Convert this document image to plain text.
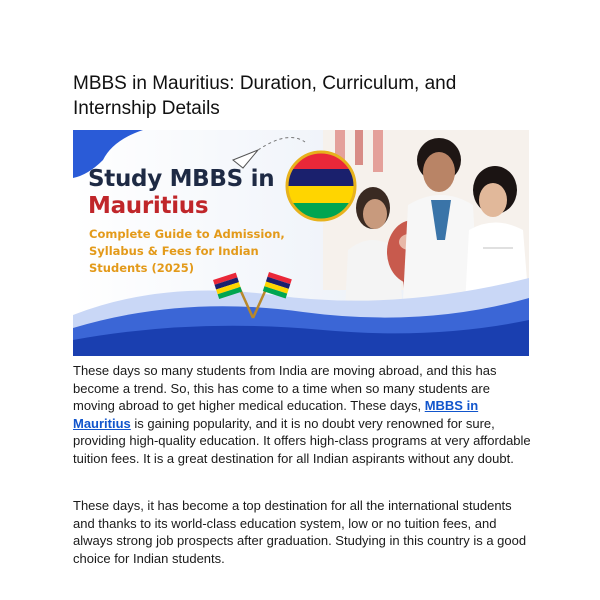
MBBS in Mauritius: Duration, Curriculum, and Internship Details
Study MBBS in
Mauritius
Complete Guide to Admission, Syllabus & Fees for Indian Students (2025)

These days so many students from India are moving abroad, and this has become a trend. So, this has come to a time when so many students are moving abroad to get higher medical education. These days, MBBS in Mauritius is gaining popularity, and it is no doubt very renowned for sure, providing high-quality education. It offers high-class programs at very affordable tuition fees. It is a great destination for all Indian aspirants without any doubt.

These days, it has become a top destination for all the international students and thanks to its world-class education system, low or no tuition fees, and always strong job prospects after graduation. Studying in this country is a good choice for Indian students.
